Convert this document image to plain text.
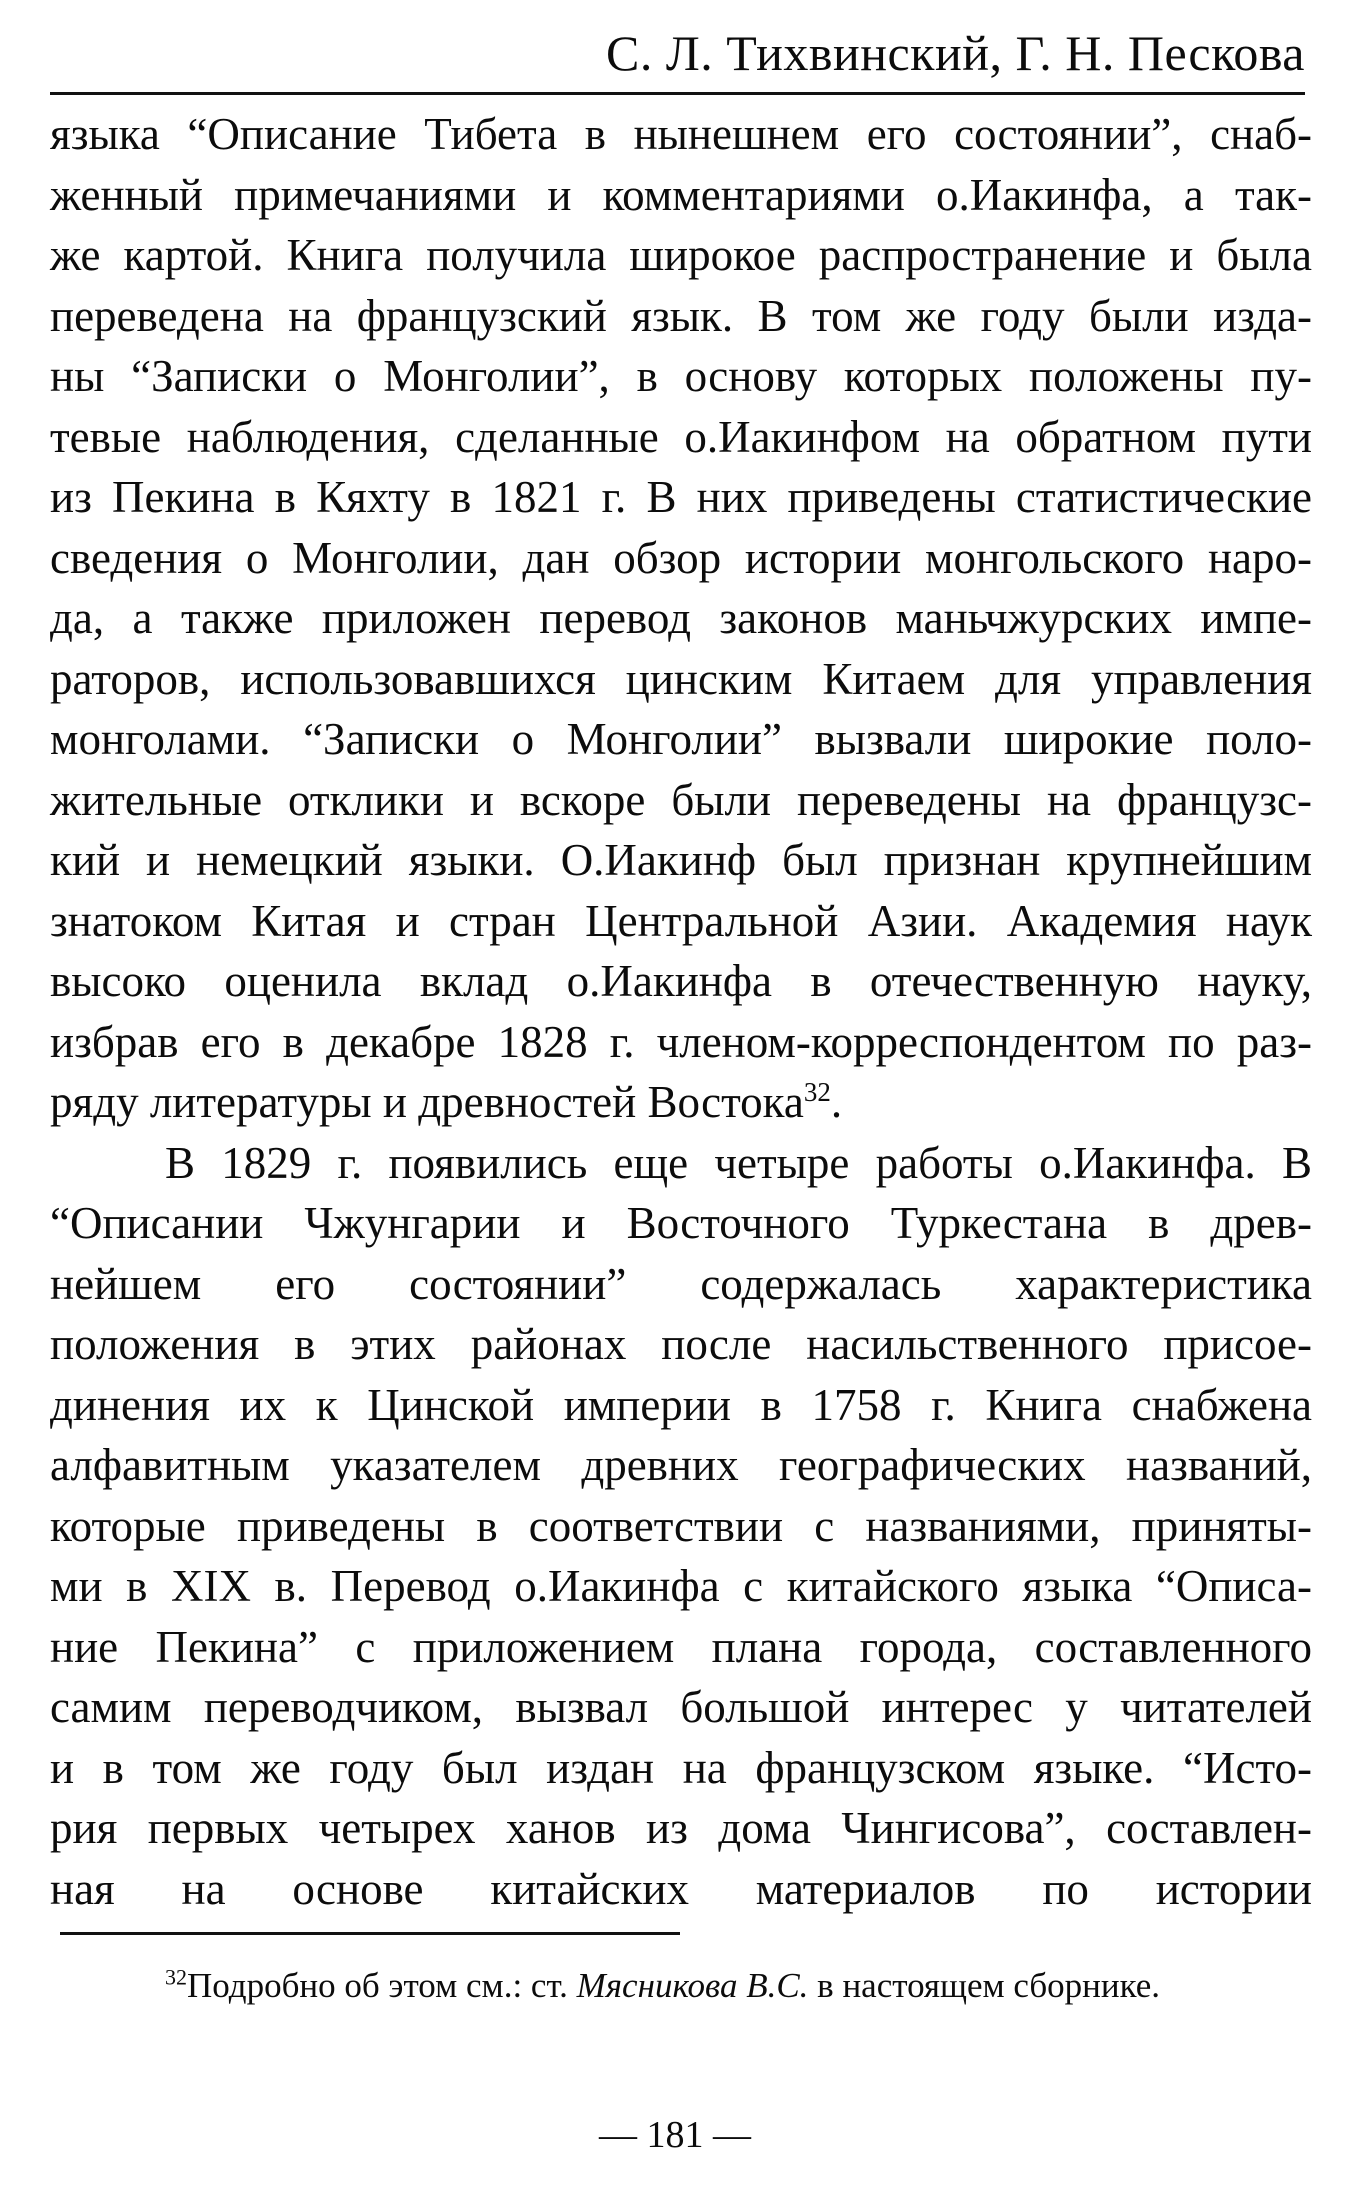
С. Л. Тихвинский, Г. Н. Пескова
языка “Описание Тибета в нынешнем его состоянии”, снаб-
женный примечаниями и комментариями о.Иакинфа, а так-
же картой. Книга получила широкое распространение и была
переведена на французский язык. В том же году были изда-
ны “Записки о Монголии”, в основу которых положены пу-
тевые наблюдения, сделанные о.Иакинфом на обратном пути
из Пекина в Кяхту в 1821 г. В них приведены статистические
сведения о Монголии, дан обзор истории монгольского наро-
да, а также приложен перевод законов маньчжурских импе-
раторов, использовавшихся цинским Китаем для управления
монголами. “Записки о Монголии” вызвали широкие поло-
жительные отклики и вскоре были переведены на французс-
кий и немецкий языки. О.Иакинф был признан крупнейшим
знатоком Китая и стран Центральной Азии. Академия наук
высоко оценила вклад о.Иакинфа в отечественную науку,
избрав его в декабре 1828 г. членом-корреспондентом по раз-
ряду литературы и древностей Востока$^{32}$.
В 1829 г. появились еще четыре работы о.Иакинфа. В
“Описании Чжунгарии и Восточного Туркестана в древ-
нейшем его состоянии” содержалась характеристика
положения в этих районах после насильственного присое-
динения их к Цинской империи в 1758 г. Книга снабжена
алфавитным указателем древних географических названий,
которые приведены в соответствии с названиями, приняты-
ми в XIX в. Перевод о.Иакинфа с китайского языка “Описа-
ние Пекина” с приложением плана города, составленного
самим переводчиком, вызвал большой интерес у читателей
и в том же году был издан на французском языке. “Исто-
рия первых четырех ханов из дома Чингисова”, составлен-
ная на основе китайских материалов по истории
$^{32}$Подробно об этом см.: ст. Мясникова В.С. в настоящем сборнике.
— 181 —
